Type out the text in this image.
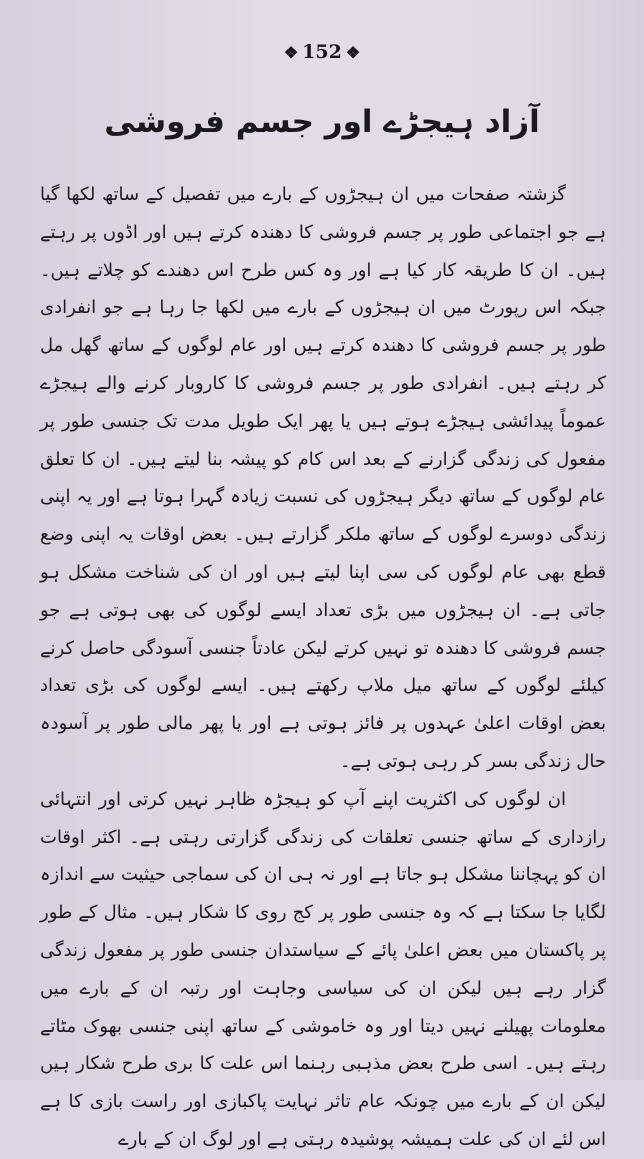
❖ 152 ❖
آزاد ہیجڑے اور جسم فروشی

گزشتہ صفحات میں ان ہیجڑوں کے بارے میں تفصیل کے ساتھ لکھا گیا ہے جو اجتماعی طور پر جسم فروشی کا دھندہ کرتے ہیں اور اڈوں پر رہتے ہیں۔ ان کا طریقہ کار کیا ہے اور وہ کس طرح اس دھندے کو چلاتے ہیں۔ جبکہ اس رپورٹ میں ان ہیجڑوں کے بارے میں لکھا جا رہا ہے جو انفرادی طور پر جسم فروشی کا دھندہ کرتے ہیں اور عام لوگوں کے ساتھ گھل مل کر رہتے ہیں۔ انفرادی طور پر جسم فروشی کا کاروبار کرنے والے ہیجڑے عموماً پیدائشی ہیجڑے ہوتے ہیں یا پھر ایک طویل مدت تک جنسی طور پر مفعول کی زندگی گزارنے کے بعد اس کام کو پیشہ بنا لیتے ہیں۔ ان کا تعلق عام لوگوں کے ساتھ دیگر ہیجڑوں کی نسبت زیادہ گہرا ہوتا ہے اور یہ اپنی زندگی دوسرے لوگوں کے ساتھ ملکر گزارتے ہیں۔ بعض اوقات یہ اپنی وضع قطع بھی عام لوگوں کی سی اپنا لیتے ہیں اور ان کی شناخت مشکل ہو جاتی ہے۔ ان ہیجڑوں میں بڑی تعداد ایسے لوگوں کی بھی ہوتی ہے جو جسم فروشی کا دھندہ تو نہیں کرتے لیکن عادتاً جنسی آسودگی حاصل کرنے کیلئے لوگوں کے ساتھ میل ملاپ رکھتے ہیں۔ ایسے لوگوں کی بڑی تعداد بعض اوقات اعلیٰ عہدوں پر فائز ہوتی ہے اور یا پھر مالی طور پر آسودہ حال زندگی بسر کر رہی ہوتی ہے۔

ان لوگوں کی اکثریت اپنے آپ کو ہیجڑہ ظاہر نہیں کرتی اور انتہائی رازداری کے ساتھ جنسی تعلقات کی زندگی گزارتی رہتی ہے۔ اکثر اوقات ان کو پہچاننا مشکل ہو جاتا ہے اور نہ ہی ان کی سماجی حیثیت سے اندازہ لگایا جا سکتا ہے کہ وہ جنسی طور پر کج روی کا شکار ہیں۔ مثال کے طور پر پاکستان میں بعض اعلیٰ پائے کے سیاستدان جنسی طور پر مفعول زندگی گزار رہے ہیں لیکن ان کی سیاسی وجاہت اور رتبہ ان کے بارے میں معلومات پھیلنے نہیں دیتا اور وہ خاموشی کے ساتھ اپنی جنسی بھوک مٹاتے رہتے ہیں۔ اسی طرح بعض مذہبی رہنما اس علت کا بری طرح شکار ہیں لیکن ان کے بارے میں چونکہ عام تاثر نہایت پاکبازی اور راست بازی کا ہے اس لئے ان کی علت ہمیشہ پوشیدہ رہتی ہے اور لوگ ان کے بارے
